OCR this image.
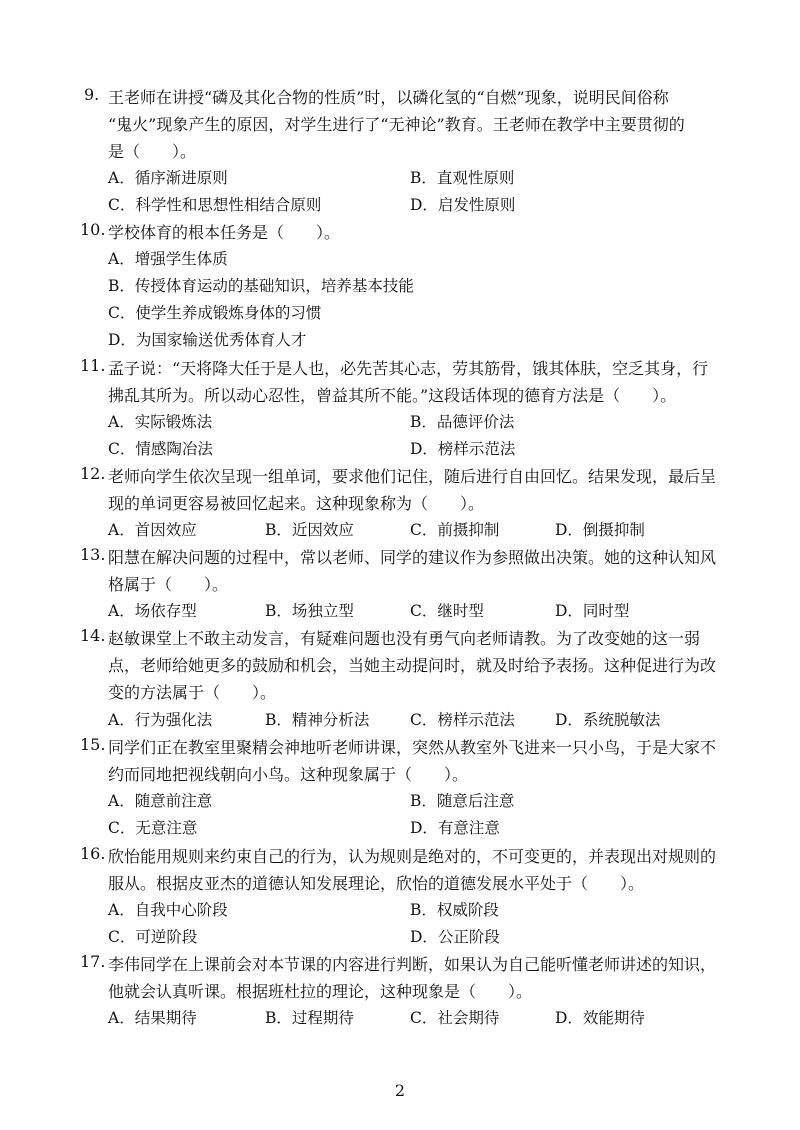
9. 王老师在讲授“磷及其化合物的性质”时，以磷化氢的“自燃”现象，说明民间俗称
“鬼火”现象产生的原因，对学生进行了“无神论”教育。王老师在教学中主要贯彻的
是（　　）。
A．循序渐进原则	B．直观性原则
C．科学性和思想性相结合原则	D．启发性原则
10. 学校体育的根本任务是（　　）。
A．增强学生体质
B．传授体育运动的基础知识，培养基本技能
C．使学生养成锻炼身体的习惯
D．为国家输送优秀体育人才
11. 孟子说：“天将降大任于是人也，必先苦其心志，劳其筋骨，饿其体肤，空乏其身，行
拂乱其所为。所以动心忍性，曾益其所不能。”这段话体现的德育方法是（　　）。
A．实际锻炼法	B．品德评价法
C．情感陶冶法	D．榜样示范法
12. 老师向学生依次呈现一组单词，要求他们记住，随后进行自由回忆。结果发现，最后呈
现的单词更容易被回忆起来。这种现象称为（　　）。
A．首因效应	B．近因效应	C．前摄抑制	D．倒摄抑制
13. 阳慧在解决问题的过程中，常以老师、同学的建议作为参照做出决策。她的这种认知风
格属于（　　）。
A．场依存型	B．场独立型	C．继时型	D．同时型
14. 赵敏课堂上不敢主动发言，有疑难问题也没有勇气向老师请教。为了改变她的这一弱
点，老师给她更多的鼓励和机会，当她主动提问时，就及时给予表扬。这种促进行为改
变的方法属于（　　）。
A．行为强化法	B．精神分析法	C．榜样示范法	D．系统脱敏法
15. 同学们正在教室里聚精会神地听老师讲课，突然从教室外飞进来一只小鸟，于是大家不
约而同地把视线朝向小鸟。这种现象属于（　　）。
A．随意前注意	B．随意后注意
C．无意注意	D．有意注意
16. 欣怡能用规则来约束自己的行为，认为规则是绝对的，不可变更的，并表现出对规则的
服从。根据皮亚杰的道德认知发展理论，欣怡的道德发展水平处于（　　）。
A．自我中心阶段	B．权威阶段
C．可逆阶段	D．公正阶段
17. 李伟同学在上课前会对本节课的内容进行判断，如果认为自己能听懂老师讲述的知识，
他就会认真听课。根据班杜拉的理论，这种现象是（　　）。
A．结果期待	B．过程期待	C．社会期待	D．效能期待
2
